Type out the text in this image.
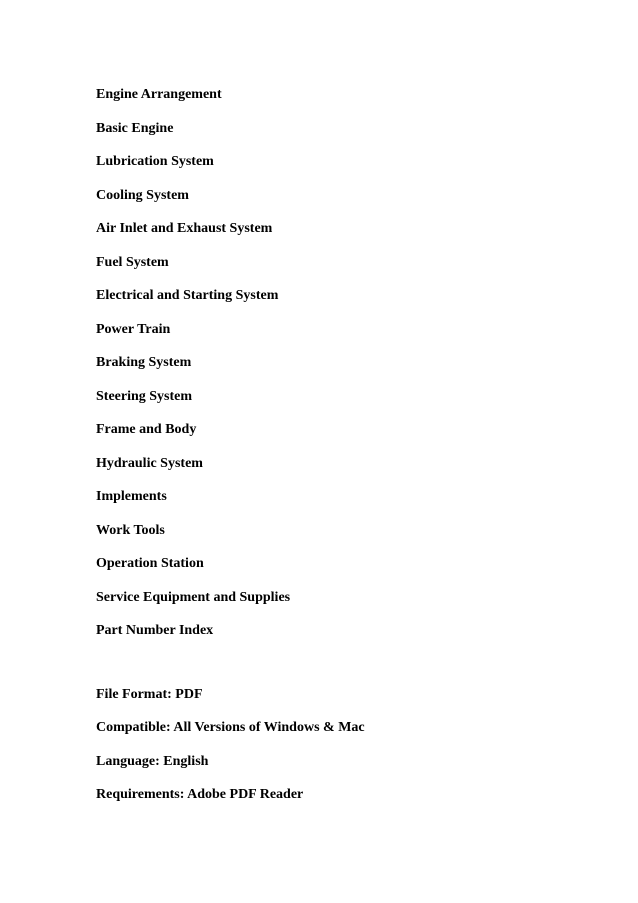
Engine Arrangement
Basic Engine
Lubrication System
Cooling System
Air Inlet and Exhaust System
Fuel System
Electrical and Starting System
Power Train
Braking System
Steering System
Frame and Body
Hydraulic System
Implements
Work Tools
Operation Station
Service Equipment and Supplies
Part Number Index
File Format: PDF
Compatible: All Versions of Windows & Mac
Language: English
Requirements: Adobe PDF Reader
